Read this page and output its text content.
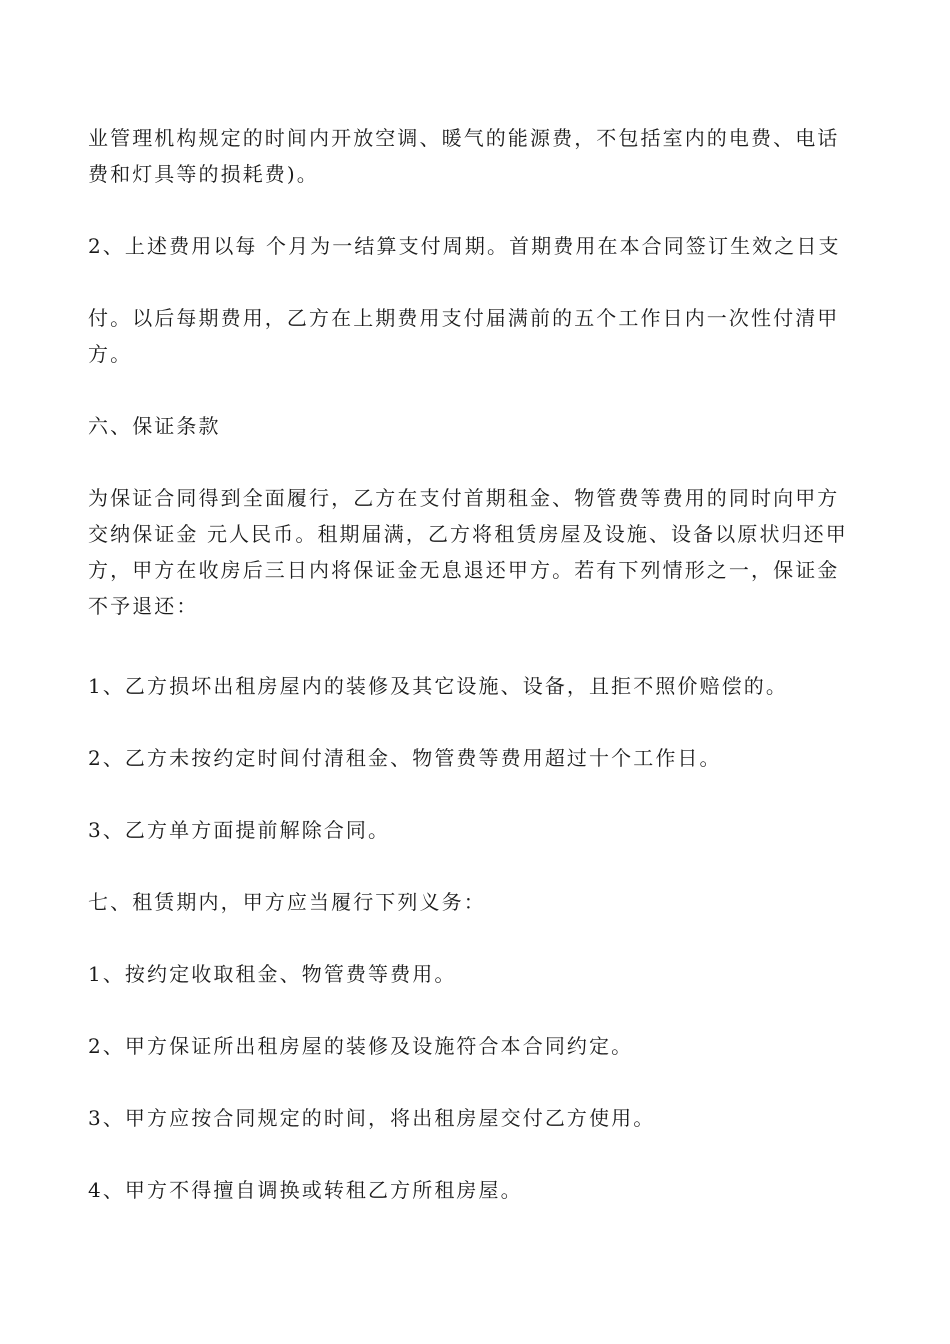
业管理机构规定的时间内开放空调、暖气的能源费，不包括室内的电费、电话
费和灯具等的损耗费)。
2、上述费用以每 个月为一结算支付周期。首期费用在本合同签订生效之日支
付。以后每期费用，乙方在上期费用支付届满前的五个工作日内一次性付清甲
方。
六、保证条款
为保证合同得到全面履行，乙方在支付首期租金、物管费等费用的同时向甲方
交纳保证金 元人民币。租期届满，乙方将租赁房屋及设施、设备以原状归还甲
方，甲方在收房后三日内将保证金无息退还甲方。若有下列情形之一，保证金
不予退还：
1、乙方损坏出租房屋内的装修及其它设施、设备，且拒不照价赔偿的。
2、乙方未按约定时间付清租金、物管费等费用超过十个工作日。
3、乙方单方面提前解除合同。
七、租赁期内，甲方应当履行下列义务：
1、按约定收取租金、物管费等费用。
2、甲方保证所出租房屋的装修及设施符合本合同约定。
3、甲方应按合同规定的时间，将出租房屋交付乙方使用。
4、甲方不得擅自调换或转租乙方所租房屋。
